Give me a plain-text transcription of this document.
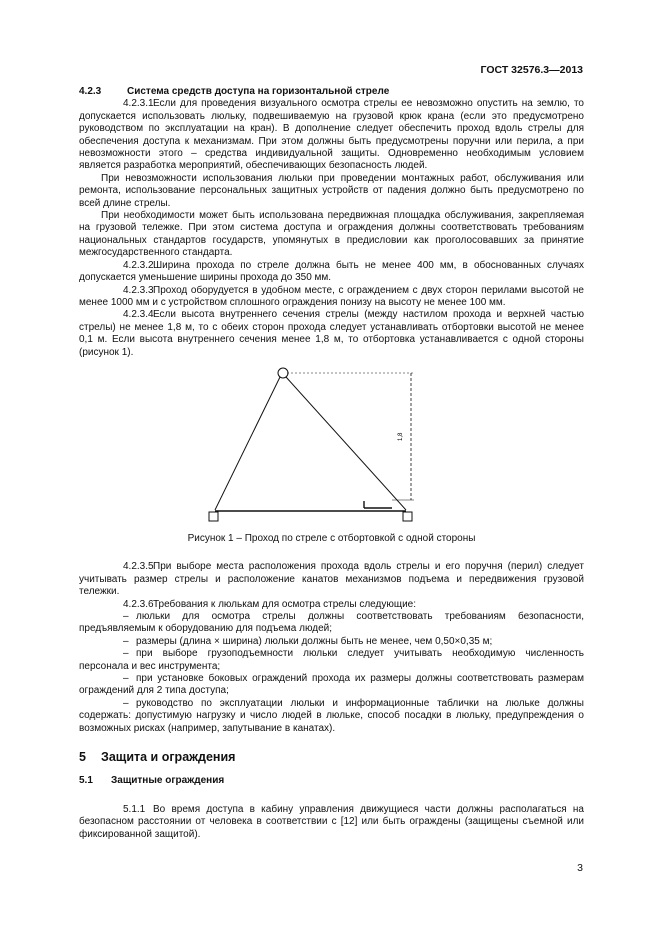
ГОСТ 32576.3—2013

4.2.3	Система средств доступа на горизонтальной стреле

4.2.3.1Если для проведения визуального осмотра стрелы ее невозможно опустить на землю, то допускается использовать люльку, подвешиваемую на грузовой крюк крана (если это предусмотрено руководством по эксплуатации на кран). В дополнение следует обеспечить проход вдоль стрелы для обеспечения доступа к механизмам. При этом должны быть предусмотрены поручни или перила, а при невозможности этого – средства индивидуальной защиты. Одновременно необходимым условием является разработка мероприятий, обеспечивающих безопасность людей.

При невозможности использования люльки при проведении монтажных работ, обслуживания или ремонта, использование персональных защитных устройств от падения должно быть предусмотрено по всей длине стрелы.

При необходимости может быть использована передвижная площадка обслуживания, закрепляемая на грузовой тележке. При этом система доступа и ограждения должны соответствовать требованиям национальных стандартов государств, упомянутых в предисловии как проголосовавших за принятие межгосударственного стандарта.

4.2.3.2Ширина прохода по стреле должна быть не менее 400 мм, в обоснованных случаях допускается уменьшение ширины прохода до 350 мм.

4.2.3.3Проход оборудуется в удобном месте, с ограждением с двух сторон перилами высотой не менее 1000 мм и с устройством сплошного ограждения понизу на высоту не менее 100 мм.

4.2.3.4Если высота внутреннего сечения стрелы (между настилом прохода и верхней частью стрелы) не менее 1,8 м, то с обеих сторон прохода следует устанавливать отбортовки высотой не менее 0,1 м. Если высота внутреннего сечения менее 1,8 м, то отбортовка устанавливается с одной стороны (рисунок 1).

1,8

Рисунок 1 – Проход по стреле с отбортовкой с одной стороны

4.2.3.5При выборе места расположения прохода вдоль стрелы и его поручня (перил) следует учитывать размер стрелы и расположение канатов механизмов подъема и передвижения грузовой тележки.

4.2.3.6Требования к люлькам для осмотра стрелы следующие:

– люльки для осмотра стрелы должны соответствовать требованиям безопасности, предъявляемым к оборудованию для подъема людей;

– размеры (длина × ширина) люльки должны быть не менее, чем 0,50×0,35 м;

– при выборе грузоподъемности люльки следует учитывать необходимую численность персонала и вес инструмента;

– при установке боковых ограждений прохода их размеры должны соответствовать размерам ограждений для 2 типа доступа;

– руководство по эксплуатации люльки и информационные таблички на люльке должны содержать: допустимую нагрузку и число людей в люльке, способ посадки в люльку, предупреждения о возможных рисках (например, запутывание в канатах).

5 Защита и ограждения

5.1 Защитные ограждения

5.1.1 Во время доступа в кабину управления движущиеся части должны располагаться на безопасном расстоянии от человека в соответствии с [12] или быть ограждены (защищены съемной или фиксированной защитой).

3
